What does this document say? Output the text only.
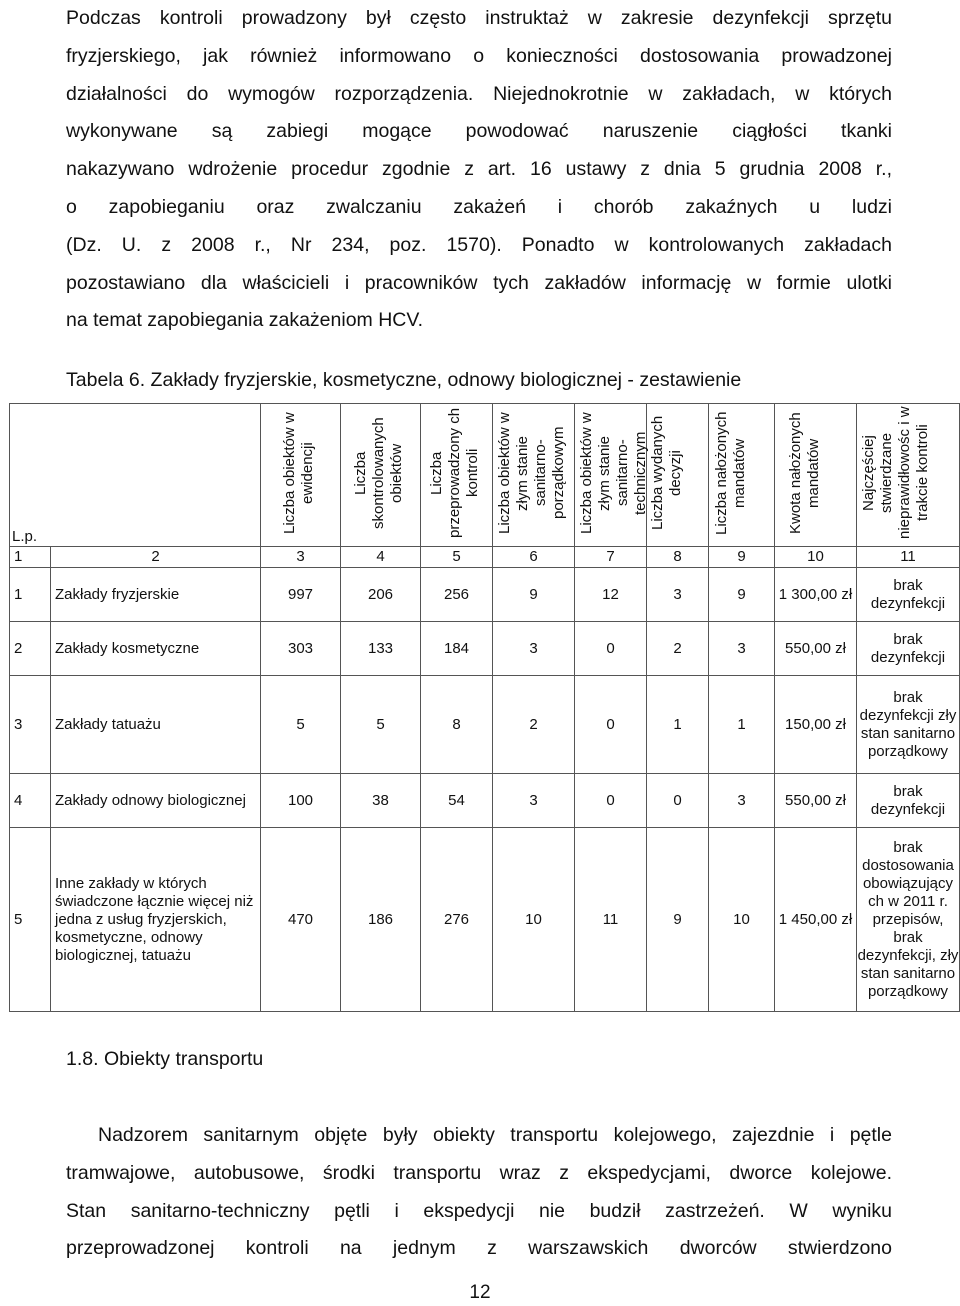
Podczas kontroli prowadzony był często instruktaż w zakresie dezynfekcji sprzętu
fryzjerskiego, jak również informowano o konieczności dostosowania prowadzonej
działalności do wymogów rozporządzenia. Niejednokrotnie w zakładach, w których
wykonywane są zabiegi mogące powodować naruszenie ciągłości tkanki
nakazywano wdrożenie procedur zgodnie z art. 16 ustawy z dnia 5 grudnia 2008 r.,
o zapobieganiu oraz zwalczaniu zakażeń i chorób zakaźnych u ludzi
(Dz. U. z 2008 r., Nr 234, poz. 1570). Ponadto w kontrolowanych zakładach
pozostawiano dla właścicieli i pracowników tych zakładów informację w formie ulotki
na temat zapobiegania zakażeniom HCV.
Tabela 6. Zakłady fryzjerskie, kosmetyczne, odnowy biologicznej - zestawienie
L.p.		Liczba obiektów w ewidencji	Liczba skontrolowanych obiektów	Liczba przeprowadzony ch kontroli	Liczba obiektów w złym stanie sanitarno-porządkowym	Liczba obiektów w złym stanie sanitarno-technicznym	Liczba wydanych decyzji	Liczba nałożonych mandatów	Kwota nałożonych mandatów	Najczęściej stwierdzane nieprawidłowośc i w trakcie kontroli

1	2	3	4	5	6	7	8	9	10	11
1	Zakłady fryzjerskie	997	206	256	9	12	3	9	1 300,00 zł	brak dezynfekcji
2	Zakłady kosmetyczne	303	133	184	3	0	2	3	550,00 zł	brak dezynfekcji
3	Zakłady tatuażu	5	5	8	2	0	1	1	150,00 zł	brak dezynfekcji zły stan sanitarno porządkowy
4	Zakłady odnowy biologicznej	100	38	54	3	0	0	3	550,00 zł	brak dezynfekcji
5	Inne zakłady w których świadczone łącznie więcej niż jedna z usług fryzjerskich, kosmetyczne, odnowy biologicznej, tatuażu	470	186	276	10	11	9	10	1 450,00 zł	brak dostosowania obowiązujący ch w 2011 r. przepisów, brak dezynfekcji, zły stan sanitarno porządkowy
1.8. Obiekty transportu
Nadzorem sanitarnym objęte były obiekty transportu kolejowego, zajezdnie i pętle
tramwajowe, autobusowe, środki transportu wraz z ekspedycjami, dworce kolejowe.
Stan sanitarno-techniczny pętli i ekspedycji nie budził zastrzeżeń. W wyniku
przeprowadzonej kontroli na jednym z warszawskich dworców stwierdzono
12
